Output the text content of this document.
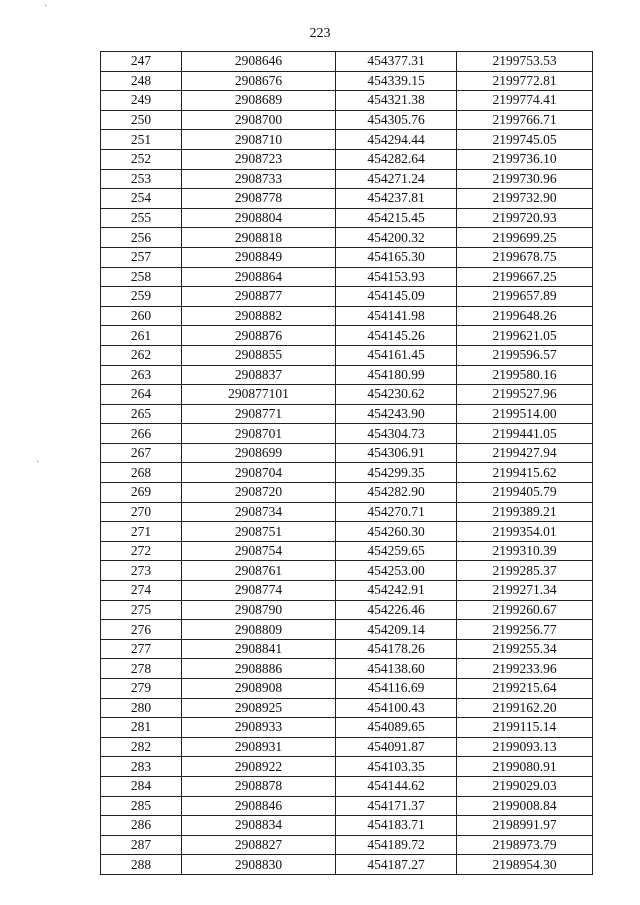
·
·
223
247	2908646	454377.31	2199753.53
248	2908676	454339.15	2199772.81
249	2908689	454321.38	2199774.41
250	2908700	454305.76	2199766.71
251	2908710	454294.44	2199745.05
252	2908723	454282.64	2199736.10
253	2908733	454271.24	2199730.96
254	2908778	454237.81	2199732.90
255	2908804	454215.45	2199720.93
256	2908818	454200.32	2199699.25
257	2908849	454165.30	2199678.75
258	2908864	454153.93	2199667.25
259	2908877	454145.09	2199657.89
260	2908882	454141.98	2199648.26
261	2908876	454145.26	2199621.05
262	2908855	454161.45	2199596.57
263	2908837	454180.99	2199580.16
264	290877101	454230.62	2199527.96
265	2908771	454243.90	2199514.00
266	2908701	454304.73	2199441.05
267	2908699	454306.91	2199427.94
268	2908704	454299.35	2199415.62
269	2908720	454282.90	2199405.79
270	2908734	454270.71	2199389.21
271	2908751	454260.30	2199354.01
272	2908754	454259.65	2199310.39
273	2908761	454253.00	2199285.37
274	2908774	454242.91	2199271.34
275	2908790	454226.46	2199260.67
276	2908809	454209.14	2199256.77
277	2908841	454178.26	2199255.34
278	2908886	454138.60	2199233.96
279	2908908	454116.69	2199215.64
280	2908925	454100.43	2199162.20
281	2908933	454089.65	2199115.14
282	2908931	454091.87	2199093.13
283	2908922	454103.35	2199080.91
284	2908878	454144.62	2199029.03
285	2908846	454171.37	2199008.84
286	2908834	454183.71	2198991.97
287	2908827	454189.72	2198973.79
288	2908830	454187.27	2198954.30
